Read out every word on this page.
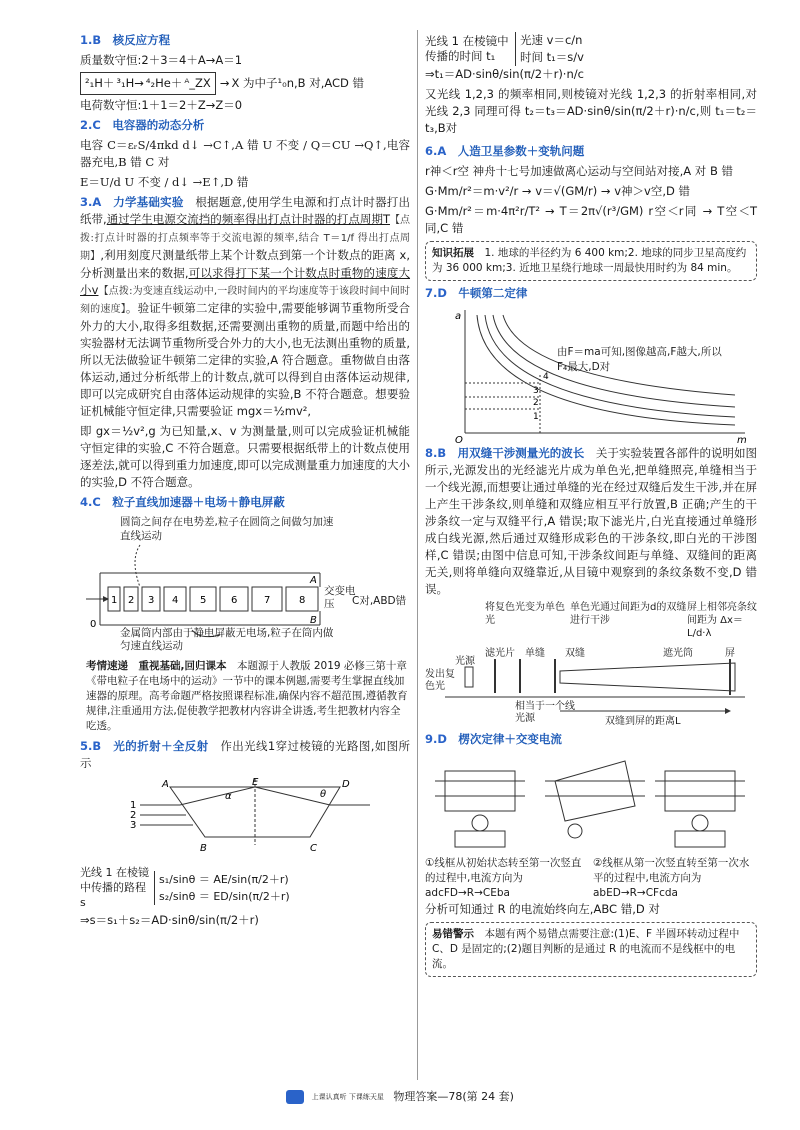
1.B　 核反应方程

质量数守恒:2＋3＝4＋A→A＝1

²₁H＋ ³₁H→ ⁴₂He＋ ᴬ_ZX → X 为中子¹₀n,B 对,ACD 错

电荷数守恒:1＋1＝2＋Z→Z＝0

2.C　 电容器的动态分析

电容 C＝εᵣS/4πkd d↓ →C↑,A 错 U 不变 / Q＝CU →Q↑,电容器充电,B 错 C 对

E＝U/d U 不变 / d↓ →E↑,D 错

3.A　 力学基础实验　 根据题意,使用学生电源和打点计时器打出纸带,通过学生电源交流挡的频率得出打点计时器的打点周期T【点拨:打点计时器的打点频率等于交流电源的频率,结合 T＝1/f 得出打点周期】,利用刻度尺测量纸带上某个计数点到第一个计数点的距离 x,分析测量出来的数据,可以求得打下某一个计数点时重物的速度大小v【点拨:为变速直线运动中,一段时间内的平均速度等于该段时间中间时刻的速度】。验证牛顿第二定律的实验中,需要能够调节重物所受合外力的大小,取得多组数据,还需要测出重物的质量,而题中给出的实验器材无法调节重物所受合外力的大小,也无法测出重物的质量,所以无法做验证牛顿第二定律的实验,A 符合题意。重物做自由落体运动,通过分析纸带上的计数点,就可以得到自由落体运动规律,即可以完成研究自由落体运动规律的实验,B 不符合题意。想要验证机械能守恒定律,只需要验证 mgx＝½mv²,

即 gx＝½v²,g 为已知量,x、v 为测量量,则可以完成验证机械能守恒定律的实验,C 不符合题意。只需要根据纸带上的计数点使用逐差法,就可以得到重力加速度,即可以完成测量重力加速度的大小的实验,D 不符合题意。

4.C　 粒子直线加速器＋电场＋静电屏蔽

圆筒之间存在电势差,粒子在圆筒之间做匀加速直线运动
1 2 3 4 5 6	7	8
A
B
0
交变电压	C对,ABD错
金属筒内部由于静电屏蔽无电场,粒子在筒内做匀速直线运动
考情速递　重视基础,回归课本　 本题源于人教版 2019 必修三第十章《带电粒子在电场中的运动》一节中的课本例题,需要考生掌握直线加速器的原理。高考命题严格按照课程标准,确保内容不超范围,遵循教育规律,注重通用方法,促使教学把教材内容讲全讲透,考生把教材内容全吃透。

5.B　 光的折射＋全反射　 作出光线1穿过棱镜的光路图,如图所示

A	E	D
B	C
1
2
3
α	θ
光线 1 在棱镜中传播的路程 s
s₁/sinθ ＝ AE/sin(π/2＋r)
s₂/sinθ ＝ ED/sin(π/2＋r)

⇒s＝s₁＋s₂＝AD·sinθ/sin(π/2＋r)

光线 1 在棱镜中传播的时间 t₁
光速 v＝c/n
时间 t₁＝s/v

⇒t₁＝AD·sinθ/sin(π/2＋r)·n/c

又光线 1,2,3 的频率相同,则棱镜对光线 1,2,3 的折射率相同,对光线 2,3 同理可得 t₂＝t₃＝AD·sinθ/sin(π/2＋r)·n/c,则 t₁＝t₂＝t₃,B对

6.A　 人造卫星参数＋变轨问题

r神＜r空 神舟十七号加速做离心运动与空间站对接,A 对 B 错

G·Mm/r²＝m·v²/r → v＝√(GM/r) → v神＞v空,D 错

G·Mm/r²＝m·4π²r/T² → T＝2π√(r³/GM) r空＜r同 → T空＜T同,C 错

知识拓展　 1. 地球的半径约为 6 400 km;2. 地球的同步卫星高度约为 36 000 km;3. 近地卫星绕行地球一周最快用时约为 84 min。

7.D　 牛顿第二定律

a
m
O
1
2
3
4
由F＝ma可知,图像越高,F越大,所以F₄最大,D对

8.B　 用双缝干涉测量光的波长　 关于实验装置各部件的说明如图所示,光源发出的光经滤光片成为单色光,把单缝照亮,单缝相当于一个线光源,而想要让通过单缝的光在经过双缝后发生干涉,并在屏上产生干涉条纹,则单缝和双缝应相互平行放置,B 正确;产生的干涉条纹一定与双缝平行,A 错误;取下滤光片,白光直接通过单缝形成白线光源,然后通过双缝形成彩色的干涉条纹,即白光的干涉图样,C 错误;由图中信息可知,干涉条纹间距与单缝、双缝间的距离无关,则将单缝向双缝靠近,从目镜中观察到的条纹条数不变,D 错误。

将复色光变为单色光
单色光通过间距为d的双缝进行干涉
屏上相邻亮条纹间距为 Δx＝L/d·λ
光源
滤光片 单缝 双缝	遮光筒	屏
发出复色光
相当于一个线光源	双缝到屏的距离L

9.D　 楞次定律＋交变电流

①线框从初始状态转至第一次竖直的过程中,电流方向为 adcFD→R→CEba
②线框从第一次竖直转至第一次水平的过程中,电流方向为 abED→R→CFcda

分析可知通过 R 的电流始终向左,ABC 错,D 对

易错警示　 本题有两个易错点需要注意:(1)E、F 半圆环转动过程中 C、D 是固定的;(2)题目判断的是通过 R 的电流而不是线框中的电流。
上课认真听 下课练天星 物理答案—78(第 24 套)
